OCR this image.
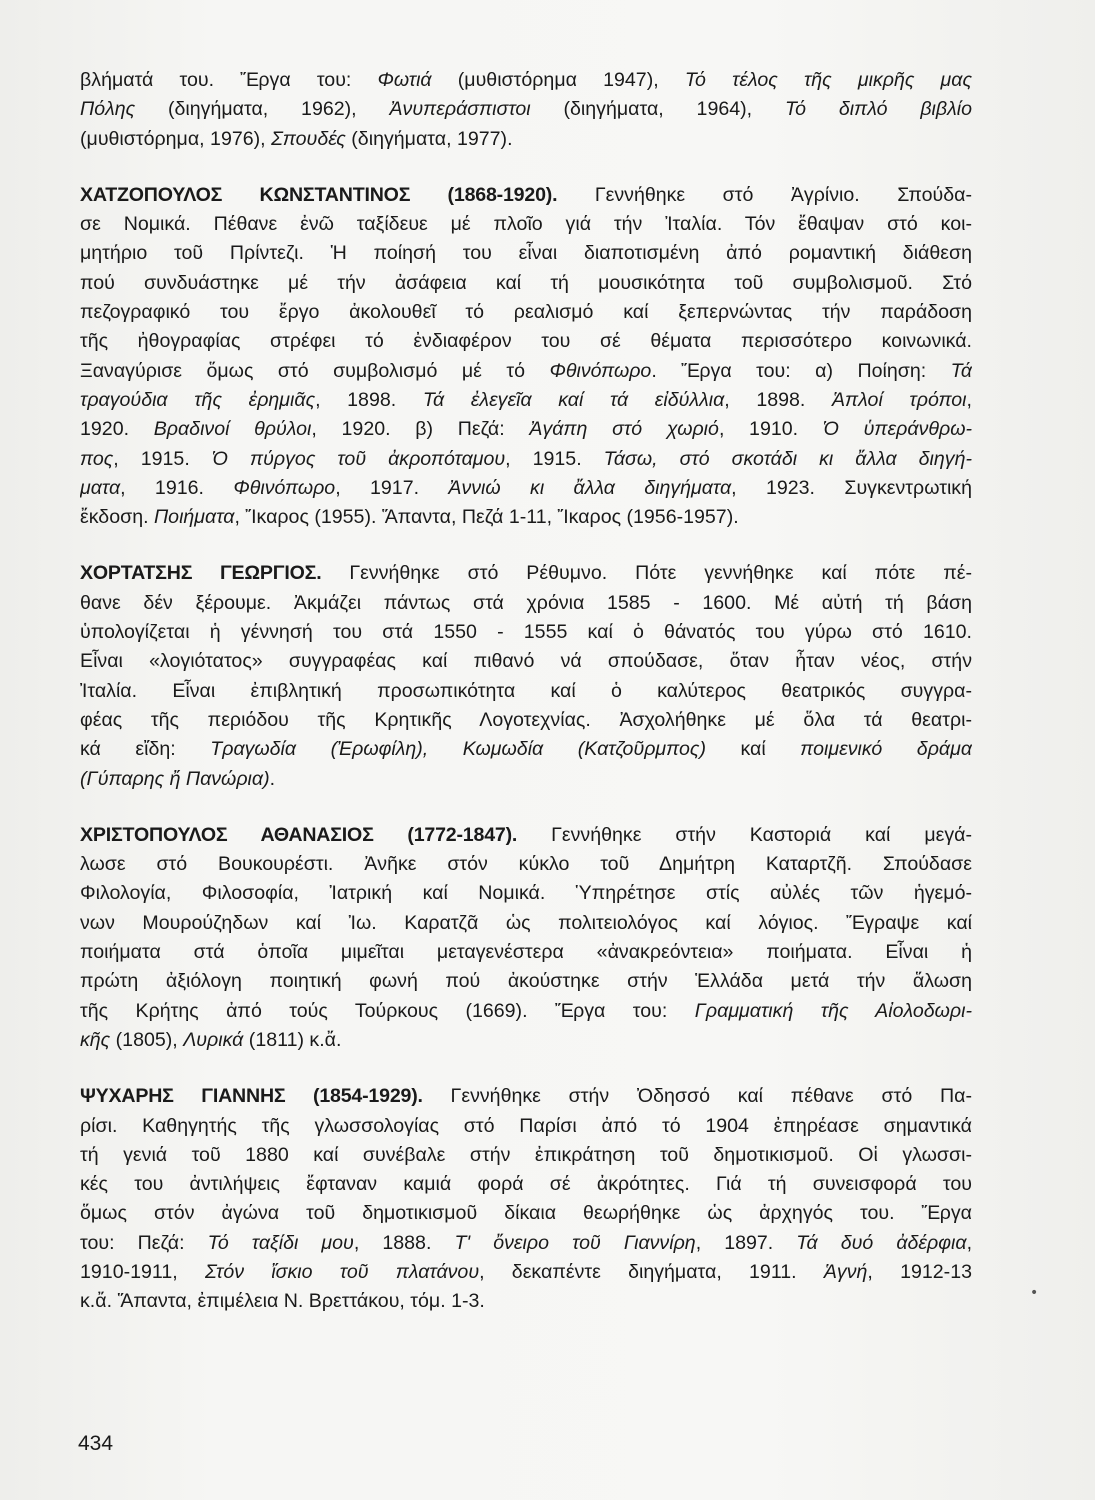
βλήματά του. Ἔργα του: Φωτιά (μυθιστόρημα 1947), Τό τέλος τῆς μικρῆς μας
Πόλης (διηγήματα, 1962), Ἀνυπεράσπιστοι (διηγήματα, 1964), Τό διπλό βιβλίο
(μυθιστόρημα, 1976), Σπουδές (διηγήματα, 1977).
ΧΑΤΖΟΠΟΥΛΟΣ ΚΩΝΣΤΑΝΤΙΝΟΣ (1868-1920). Γεννήθηκε στό Ἀγρίνιο. Σπούδα-
σε Νομικά. Πέθανε ἐνῶ ταξίδευε μέ πλοῖο γιά τήν Ἰταλία. Τόν ἔθαψαν στό κοι-
μητήριο τοῦ Πρίντεζι. Ἡ ποίησή του εἶναι διαποτισμένη ἀπό ρομαντική διάθεση
πού συνδυάστηκε μέ τήν ἀσάφεια καί τή μουσικότητα τοῦ συμβολισμοῦ. Στό
πεζογραφικό του ἔργο ἀκολουθεῖ τό ρεαλισμό καί ξεπερνώντας τήν παράδοση
τῆς ἠθογραφίας στρέφει τό ἐνδιαφέρον του σέ θέματα περισσότερο κοινωνικά.
Ξαναγύρισε ὅμως στό συμβολισμό μέ τό Φθινόπωρο. Ἔργα του: α) Ποίηση: Τά
τραγούδια τῆς ἐρημιᾶς, 1898. Τά ἐλεγεῖα καί τά εἰδύλλια, 1898. Ἁπλοί τρόποι,
1920. Βραδινοί θρύλοι, 1920. β) Πεζά: Ἀγάπη στό χωριό, 1910. Ὁ ὑπεράνθρω-
πος, 1915. Ὁ πύργος τοῦ ἀκροπόταμου, 1915. Τάσω, στό σκοτάδι κι ἄλλα διηγή-
ματα, 1916. Φθινόπωρο, 1917. Ἀννιώ κι ἄλλα διηγήματα, 1923. Συγκεντρωτική
ἔκδοση. Ποιήματα, Ἴκαρος (1955). Ἅπαντα, Πεζά 1-11, Ἴκαρος (1956-1957).
ΧΟΡΤΑΤΣΗΣ ΓΕΩΡΓΙΟΣ. Γεννήθηκε στό Ρέθυμνο. Πότε γεννήθηκε καί πότε πέ-
θανε δέν ξέρουμε. Ἀκμάζει πάντως στά χρόνια 1585 - 1600. Μέ αὐτή τή βάση
ὑπολογίζεται ἡ γέννησή του στά 1550 - 1555 καί ὁ θάνατός του γύρω στό 1610.
Εἶναι «λογιότατος» συγγραφέας καί πιθανό νά σπούδασε, ὅταν ἦταν νέος, στήν
Ἰταλία. Εἶναι ἐπιβλητική προσωπικότητα καί ὁ καλύτερος θεατρικός συγγρα-
φέας τῆς περιόδου τῆς Κρητικῆς Λογοτεχνίας. Ἀσχολήθηκε μέ ὅλα τά θεατρι-
κά εἴδη: Τραγωδία (Ἐρωφίλη), Κωμωδία (Κατζοῦρμπος) καί ποιμενικό δράμα
(Γύπαρης ἤ Πανώρια).
ΧΡΙΣΤΟΠΟΥΛΟΣ ΑΘΑΝΑΣΙΟΣ (1772-1847). Γεννήθηκε στήν Καστοριά καί μεγά-
λωσε στό Βουκουρέστι. Ἀνῆκε στόν κύκλο τοῦ Δημήτρη Καταρτζῆ. Σπούδασε
Φιλολογία, Φιλοσοφία, Ἰατρική καί Νομικά. Ὑπηρέτησε στίς αὐλές τῶν ἡγεμό-
νων Μουρούζηδων καί Ἰω. Καρατζᾶ ὡς πολιτειολόγος καί λόγιος. Ἔγραψε καί
ποιήματα στά ὁποῖα μιμεῖται μεταγενέστερα «ἀνακρεόντεια» ποιήματα. Εἶναι ἡ
πρώτη ἀξιόλογη ποιητική φωνή πού ἀκούστηκε στήν Ἑλλάδα μετά τήν ἅλωση
τῆς Κρήτης ἀπό τούς Τούρκους (1669). Ἔργα του: Γραμματική τῆς Αἰολοδωρι-
κῆς (1805), Λυρικά (1811) κ.ἄ.
ΨΥΧΑΡΗΣ ΓΙΑΝΝΗΣ (1854-1929). Γεννήθηκε στήν Ὀδησσό καί πέθανε στό Πα-
ρίσι. Καθηγητής τῆς γλωσσολογίας στό Παρίσι ἀπό τό 1904 ἐπηρέασε σημαντικά
τή γενιά τοῦ 1880 καί συνέβαλε στήν ἐπικράτηση τοῦ δημοτικισμοῦ. Οἱ γλωσσι-
κές του ἀντιλήψεις ἔφταναν καμιά φορά σέ ἀκρότητες. Γιά τή συνεισφορά του
ὅμως στόν ἀγώνα τοῦ δημοτικισμοῦ δίκαια θεωρήθηκε ὡς ἀρχηγός του. Ἔργα
του: Πεζά: Τό ταξίδι μου, 1888. Τ' ὄνειρο τοῦ Γιαννίρη, 1897. Τά δυό ἀδέρφια,
1910-1911, Στόν ἴσκιο τοῦ πλατάνου, δεκαπέντε διηγήματα, 1911. Ἁγνή, 1912-13
κ.ἄ. Ἅπαντα, ἐπιμέλεια Ν. Βρεττάκου, τόμ. 1-3.
434
•
